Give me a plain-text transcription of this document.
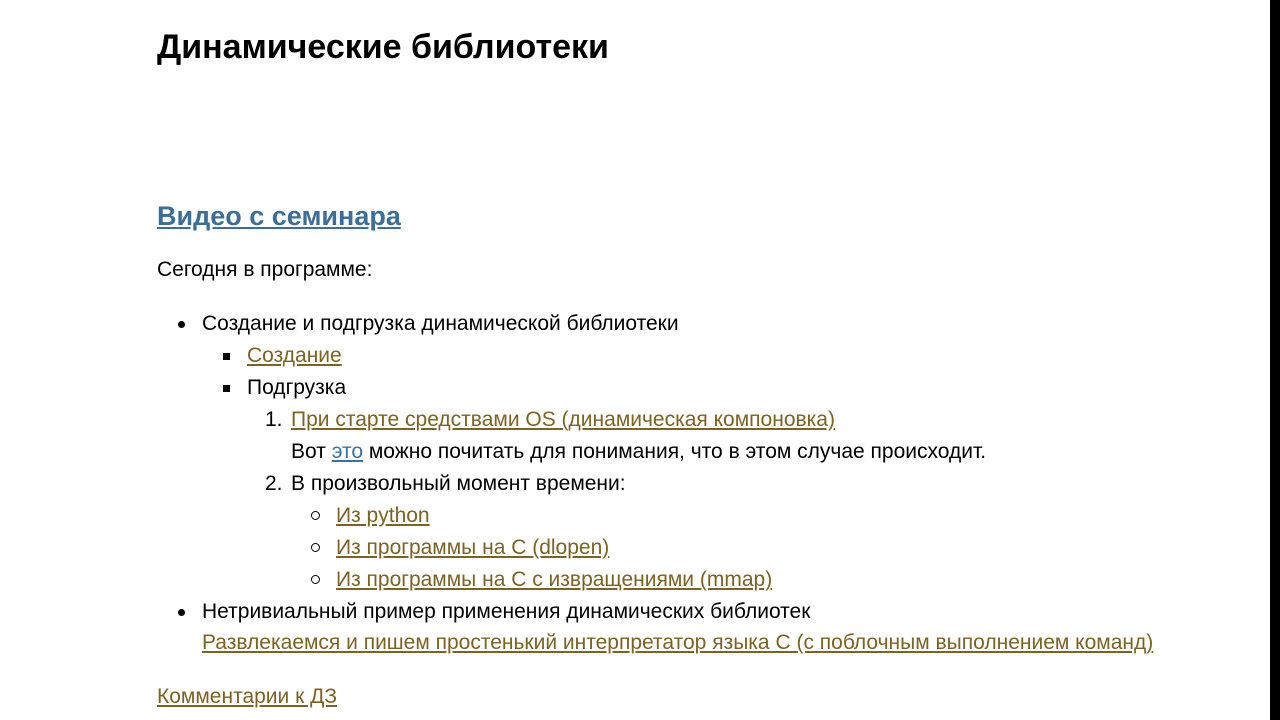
Динамические библиотеки
Видео с семинара
Сегодня в программе:
Создание и подгрузка динамической библиотеки
Создание
Подгрузка
1. При старте средствами OS (динамическая компоновка)
Вот это можно почитать для понимания, что в этом случае происходит.
2. В произвольный момент времени:
Из python
Из программы на C (dlopen)
Из программы на C с извращениями (mmap)
Нетривиальный пример применения динамических библиотек
Развлекаемся и пишем простенький интерпретатор языка C (с поблочным выполнением команд)
Комментарии к ДЗ
